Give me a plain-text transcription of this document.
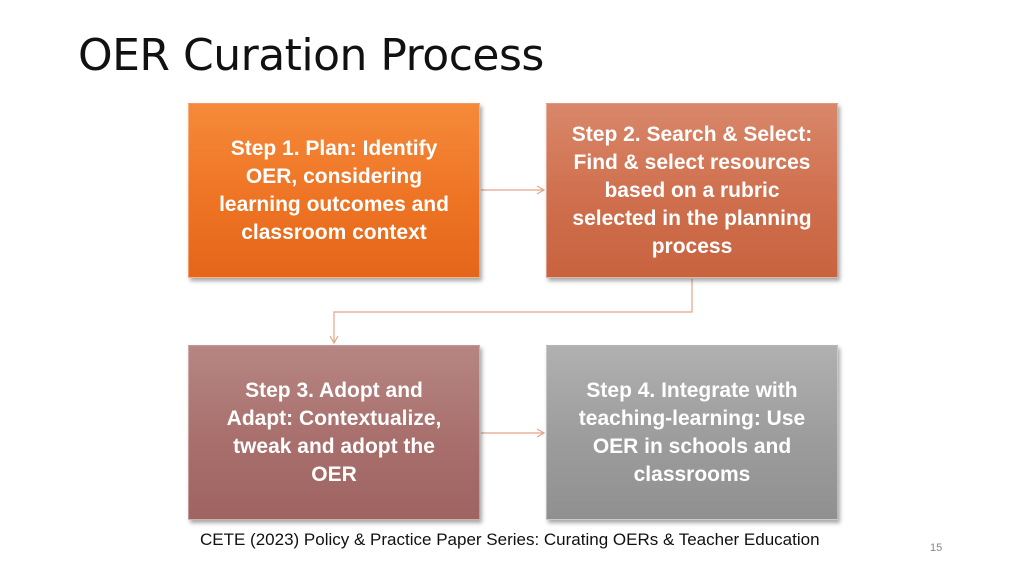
OER Curation Process
Step 1. Plan: Identify OER, considering learning outcomes and classroom context
Step 2. Search & Select: Find & select resources based on a rubric selected in the planning process
Step 3. Adopt and Adapt: Contextualize, tweak and adopt the OER
Step 4. Integrate with teaching-learning: Use OER in schools and classrooms
CETE (2023) Policy & Practice Paper Series: Curating OERs & Teacher Education	15
